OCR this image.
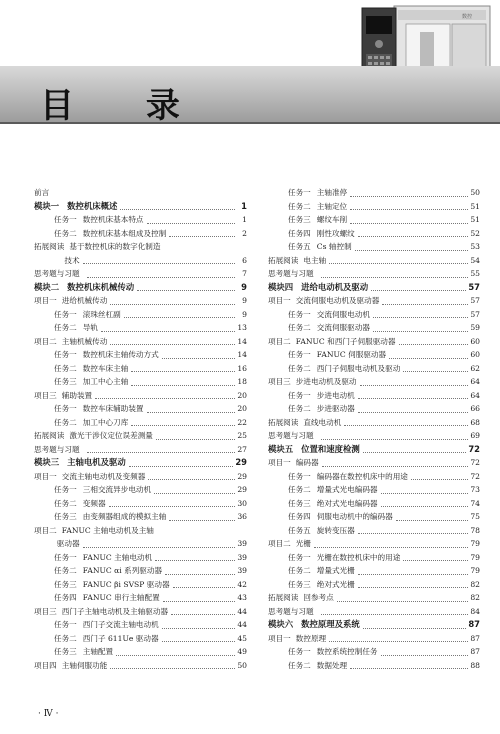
数控
目 录
前言
模块一 数控机床概述	1
任务一 数控机床基本特点	1
任务二 数控机床基本组成及控制	2
拓展阅读 基于数控机床的数字化制造
技术	6
思考题与习题	7
模块二 数控机床机械传动	9
项目一 进给机械传动	9
任务一 滚珠丝杠副	9
任务二 导轨	13
项目二 主轴机械传动	14
任务一 数控机床主轴传动方式	14
任务二 数控车床主轴	16
任务三 加工中心主轴	18
项目三 辅助装置	20
任务一 数控车床辅助装置	20
任务二 加工中心刀库	22
拓展阅读 激光干涉仪定位误差测量	25
思考题与习题	27
模块三 主轴电机及驱动	29
项目一 交流主轴电动机及变频器	29
任务一 三相交流异步电动机	29
任务二 变频器	30
任务三 由变频器组成的模拟主轴	36
项目二 FANUC 主轴电动机及主轴
驱动器	39
任务一 FANUC 主轴电动机	39
任务二 FANUC αi 系列驱动器	39
任务三 FANUC βi SVSP 驱动器	42
任务四 FANUC 串行主轴配置	43
项目三 西门子主轴电动机及主轴驱动器	44
任务一 西门子交流主轴电动机	44
任务二 西门子 611Ue 驱动器	45
任务三 主轴配置	49
项目四 主轴伺服功能	50
任务一 主轴准停	50
任务二 主轴定位	51
任务三 螺纹车削	51
任务四 刚性攻螺纹	52
任务五 Cs 轴控制	53
拓展阅读 电主轴	54
思考题与习题	55
模块四 进给电动机及驱动	57
项目一 交流伺服电动机及驱动器	57
任务一 交流伺服电动机	57
任务二 交流伺服驱动器	59
项目二 FANUC 和西门子伺服驱动器	60
任务一 FANUC 伺服驱动器	60
任务二 西门子伺服电动机及驱动	62
项目三 步进电动机及驱动	64
任务一 步进电动机	64
任务二 步进驱动器	66
拓展阅读 直线电动机	68
思考题与习题	69
模块五 位置和速度检测	72
项目一 编码器	72
任务一 编码器在数控机床中的用途	72
任务二 增量式光电编码器	73
任务三 绝对式光电编码器	74
任务四 伺服电动机中的编码器	75
任务五 旋转变压器	78
项目二 光栅	79
任务一 光栅在数控机床中的用途	79
任务二 增量式光栅	79
任务三 绝对式光栅	82
拓展阅读 回参考点	82
思考题与习题	84
模块六 数控原理及系统	87
项目一 数控原理	87
任务一 数控系统控制任务	87
任务二 数据处理	88
· Ⅳ ·
